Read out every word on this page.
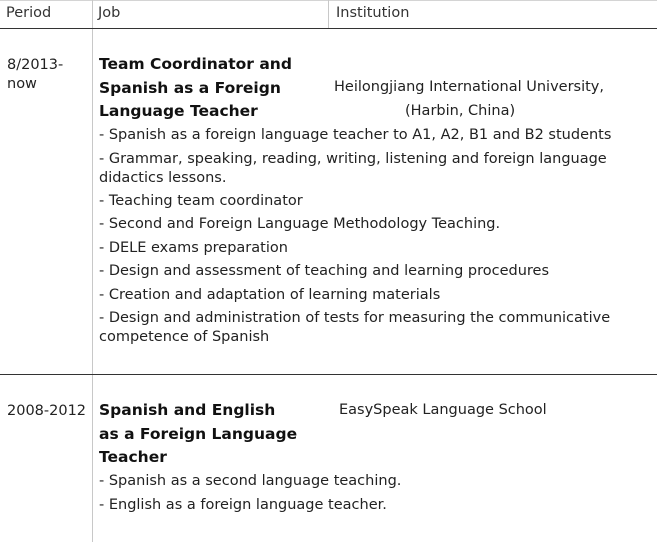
Period	Job	Institution
8/2013-
now
Team Coordinator and
Spanish as a Foreign
Language Teacher
Heilongjiang International University,
(Harbin, China)
- Spanish as a foreign language teacher to A1, A2, B1 and B2 students
- Grammar, speaking, reading, writing, listening and foreign language didactics lessons.
- Teaching team coordinator
- Second and Foreign Language Methodology Teaching.
- DELE exams preparation
- Design and assessment of teaching and learning procedures
- Creation and adaptation of learning materials
- Design and administration of tests for measuring the communicative competence of Spanish
2008-2012 Spanish and English
as a Foreign Language
Teacher
EasySpeak Language School
- Spanish as a second language teaching.
- English as a foreign language teacher.
